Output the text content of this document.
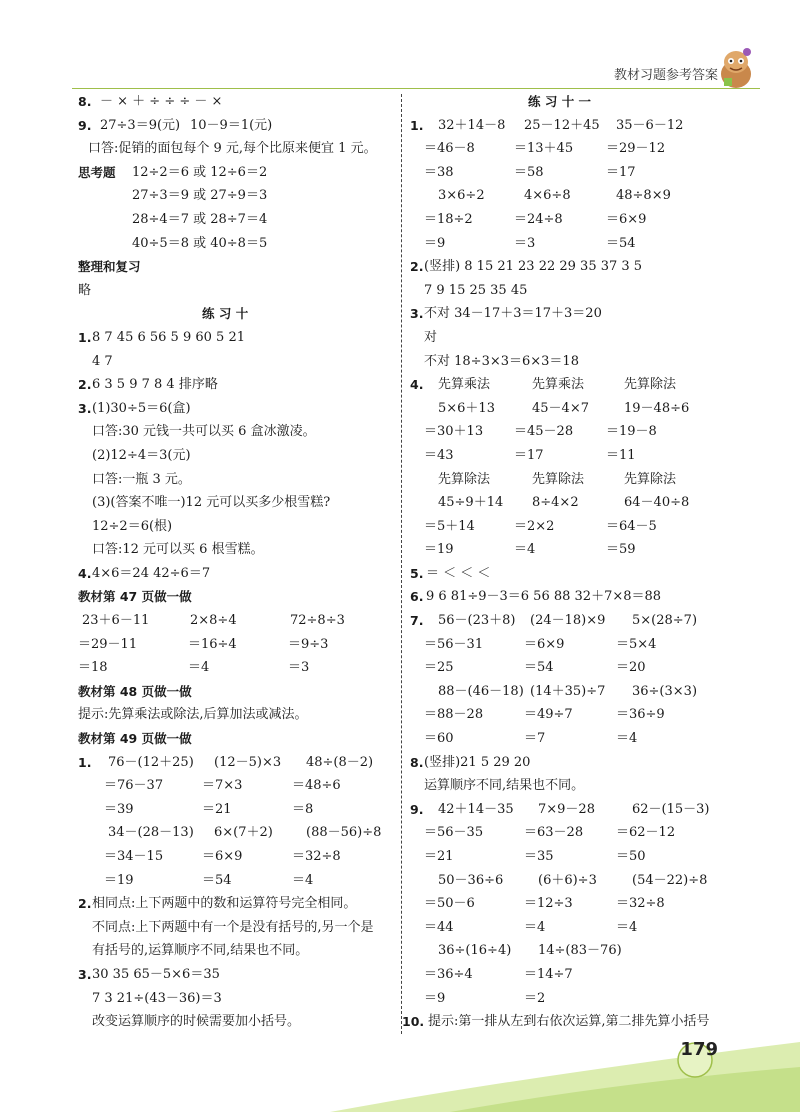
教材习题参考答案
8. － × ＋ ÷ ÷ ÷ － ×
9. 27÷3＝9(元) 10－9＝1(元)
口答:促销的面包每个 9 元,每个比原来便宜 1 元。
思考题 12÷2＝6 或 12÷6＝2
27÷3＝9 或 27÷9＝3
28÷4＝7 或 28÷7＝4
40÷5＝8 或 40÷8＝5
整理和复习
略
练 习 十
1. 8 7 45 6 56 5 9 60 5 21
4 7
2. 6 3 5 9 7 8 4 排序略
3. (1)30÷5＝6(盒)
口答:30 元钱一共可以买 6 盒冰激凌。
(2)12÷4＝3(元)
口答:一瓶 3 元。
(3)(答案不唯一)12 元可以买多少根雪糕?
12÷2＝6(根)
口答:12 元可以买 6 根雪糕。
4. 4×6＝24 42÷6＝7
教材第 47 页做一做
23＋6－11	2×8÷4	72÷8÷3
＝29－11	＝16÷4	＝9÷3
＝18	＝4	＝3
教材第 48 页做一做
提示:先算乘法或除法,后算加法或减法。
教材第 49 页做一做
1. 76－(12＋25) (12－5)×3 48÷(8－2)
＝76－37	＝7×3	＝48÷6
＝39	＝21	＝8
34－(28－13) 6×(7＋2)	(88－56)÷8
＝34－15	＝6×9	＝32÷8
＝19	＝54	＝4
2. 相同点:上下两题中的数和运算符号完全相同。
不同点:上下两题中有一个是没有括号的,另一个是
有括号的,运算顺序不同,结果也不同。
3. 30 35 65－5×6＝35
7 3 21÷(43－36)＝3
改变运算顺序的时候需要加小括号。
练 习 十 一
1. 32＋14－8 25－12＋45 35－6－12
＝46－8	＝13＋45	＝29－12
＝38	＝58	＝17
3×6÷2	4×6÷8	48÷8×9
＝18÷2	＝24÷8	＝6×9
＝9	＝3	＝54
2. (竖排) 8 15 21 23 22 29 35 37 3 5
7 9 15 25 35 45
3. 不对 34－17＋3＝17＋3＝20
对
不对 18÷3×3＝6×3＝18
4. 先算乘法	先算乘法	先算除法
5×6＋13	45－4×7	19－48÷6
＝30＋13 ＝45－28	＝19－8
＝43	＝17	＝11
先算除法	先算除法	先算除法
45÷9＋14 8÷4×2	64－40÷8
＝5＋14	＝2×2	＝64－5
＝19	＝4	＝59
5. ＝ ＜ ＜ ＜
6. 9 6 81÷9－3＝6 56 88 32＋7×8＝88
7. 56－(23＋8) (24－18)×9 5×(28÷7)
＝56－31	＝6×9	＝5×4
＝25	＝54	＝20
88－(46－18) (14＋35)÷7 36÷(3×3)
＝88－28	＝49÷7	＝36÷9
＝60	＝7	＝4
8. (竖排)21 5 29 20
运算顺序不同,结果也不同。
9. 42＋14－35 7×9－28	62－(15－3)
＝56－35	＝63－28	＝62－12
＝21	＝35	＝50
50－36÷6	(6＋6)÷3	(54－22)÷8
＝50－6	＝12÷3	＝32÷8
＝44	＝4	＝4
36÷(16÷4) 14÷(83－76)
＝36÷4	＝14÷7
＝9	＝2
10. 提示:第一排从左到右依次运算,第二排先算小括号
179
